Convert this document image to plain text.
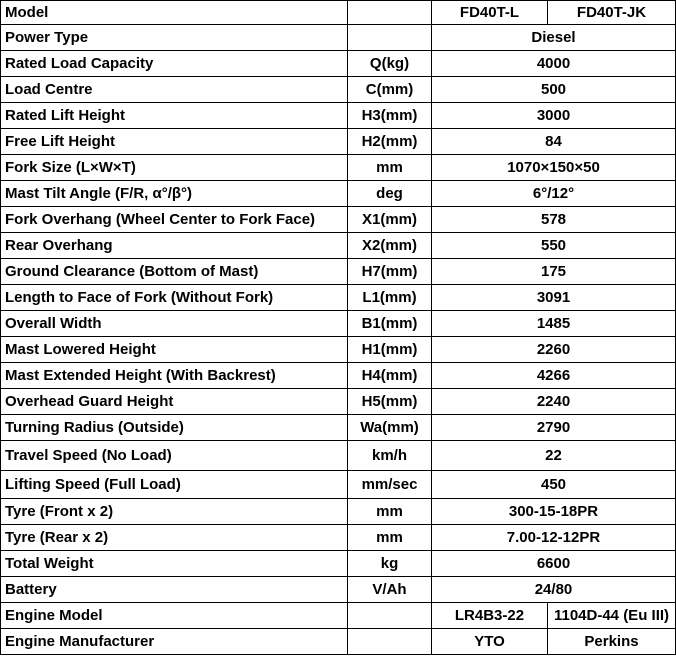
Model		FD40T-L	FD40T-JK
Power Type		Diesel	
Rated Load Capacity	Q(kg)	4000	
Load Centre	C(mm)	500	
Rated Lift Height	H3(mm)	3000	
Free Lift Height	H2(mm)	84	
Fork Size (L×W×T)	mm	1070×150×50	
Mast Tilt Angle (F/R, α°/β°)	deg	6°/12°	
Fork Overhang (Wheel Center to Fork Face)	X1(mm)	578	
Rear Overhang	X2(mm)	550	
Ground Clearance (Bottom of Mast)	H7(mm)	175	
Length to Face of Fork (Without Fork)	L1(mm)	3091	
Overall Width	B1(mm)	1485	
Mast Lowered Height	H1(mm)	2260	
Mast Extended Height (With Backrest)	H4(mm)	4266	
Overhead Guard Height	H5(mm)	2240	
Turning Radius (Outside)	Wa(mm)	2790	
Travel Speed (No Load)	km/h	22	
Lifting Speed (Full Load)	mm/sec	450	
Tyre (Front x 2)	mm	300-15-18PR	
Tyre (Rear x 2)	mm	7.00-12-12PR	
Total Weight	kg	6600	
Battery	V/Ah	24/80	
Engine Model		LR4B3-22	1104D-44 (Eu III)
Engine Manufacturer		YTO	Perkins
